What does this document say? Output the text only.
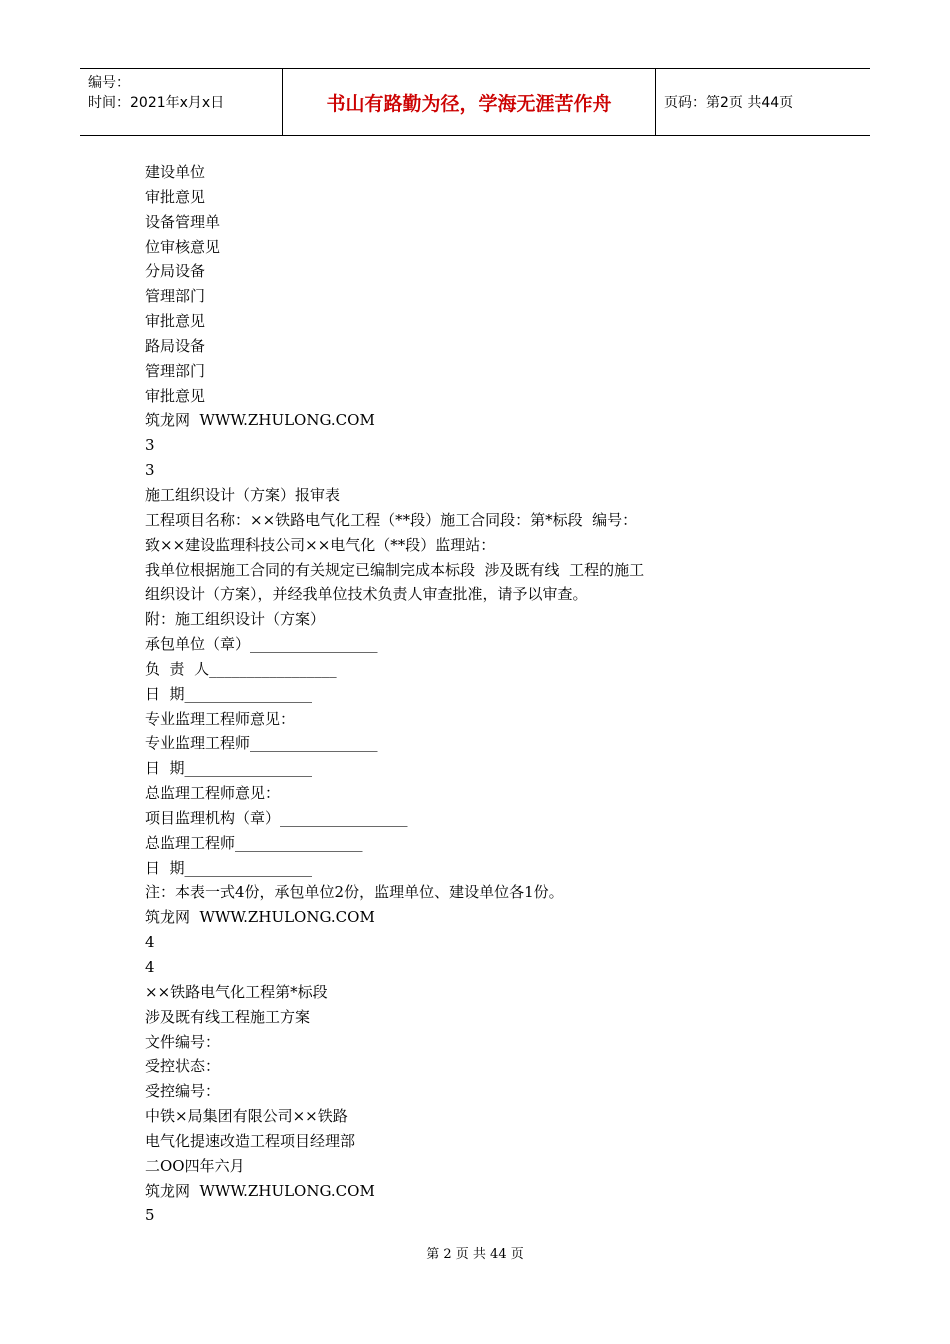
编号：
时间：2021年x月x日	书山有路勤为径，学海无涯苦作舟	页码：第2页 共44页
建设单位
审批意见
设备管理单
位审核意见
分局设备
管理部门
审批意见
路局设备
管理部门
审批意见
筑龙网  WWW.ZHULONG.COM
3
3
施工组织设计（方案）报审表
工程项目名称：××铁路电气化工程（**段）施工合同段：第*标段  编号：
致××建设监理科技公司××电气化（**段）监理站：
我单位根据施工合同的有关规定已编制完成本标段  涉及既有线  工程的施工
组织设计（方案），并经我单位技术负责人审查批准，请予以审查。
附：施工组织设计（方案）
承包单位（章）_________________
负  责  人_________________
日  期_________________
专业监理工程师意见：
专业监理工程师_________________
日  期_________________
总监理工程师意见：
项目监理机构（章）_________________
总监理工程师_________________
日  期_________________
注：本表一式4份，承包单位2份，监理单位、建设单位各1份。
筑龙网  WWW.ZHULONG.COM
4
4
××铁路电气化工程第*标段
涉及既有线工程施工方案
文件编号：
受控状态：
受控编号：
中铁×局集团有限公司××铁路
电气化提速改造工程项目经理部
二OO四年六月
筑龙网  WWW.ZHULONG.COM
5
第 2 页 共 44 页
